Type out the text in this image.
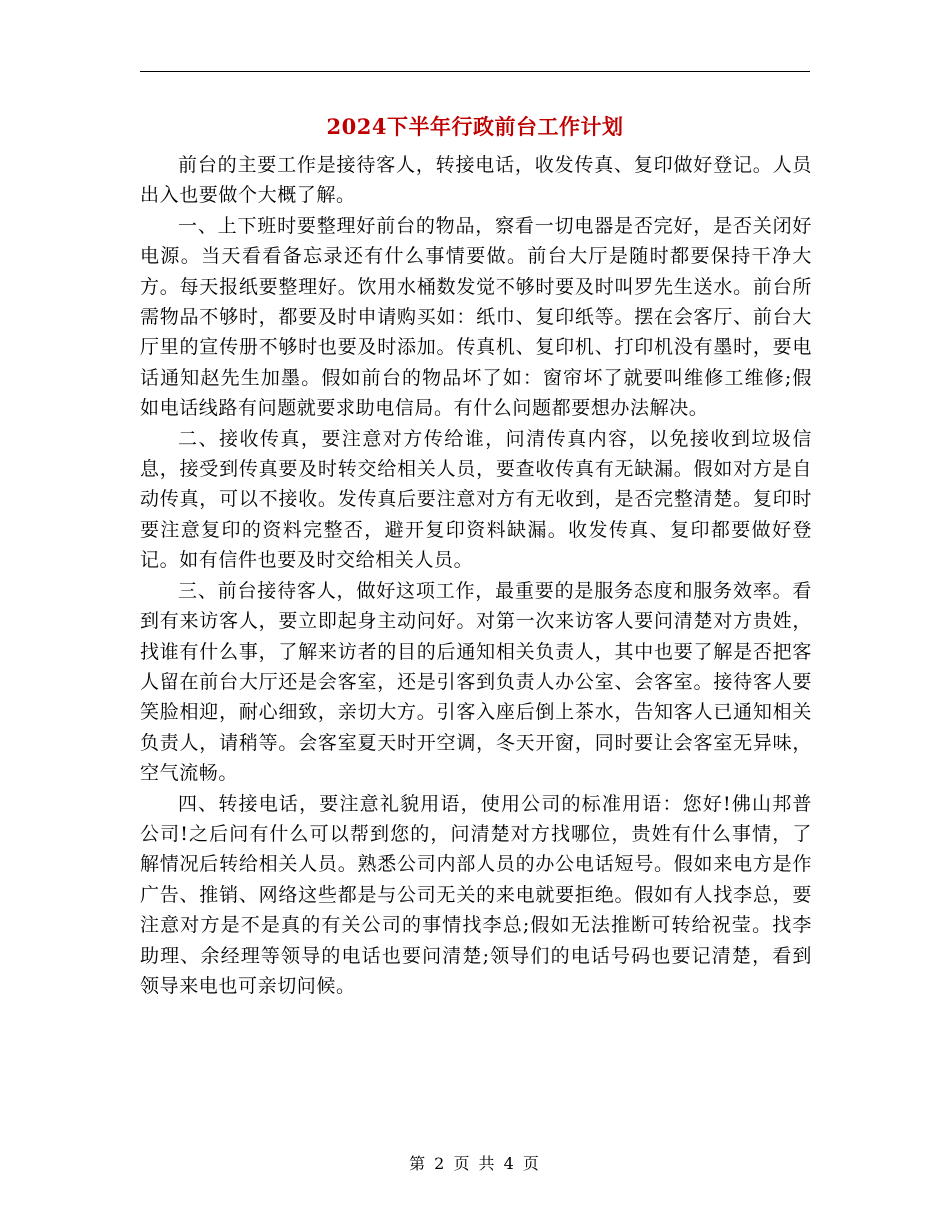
2024下半年行政前台工作计划

前台的主要工作是接待客人，转接电话，收发传真、复印做好登记。人员出入也要做个大概了解。

一、上下班时要整理好前台的物品，察看一切电器是否完好，是否关闭好电源。当天看看备忘录还有什么事情要做。前台大厅是随时都要保持干净大方。每天报纸要整理好。饮用水桶数发觉不够时要及时叫罗先生送水。前台所需物品不够时，都要及时申请购买如：纸巾、复印纸等。摆在会客厅、前台大厅里的宣传册不够时也要及时添加。传真机、复印机、打印机没有墨时，要电话通知赵先生加墨。假如前台的物品坏了如：窗帘坏了就要叫维修工维修;假如电话线路有问题就要求助电信局。有什么问题都要想办法解决。

二、接收传真，要注意对方传给谁，问清传真内容，以免接收到垃圾信息，接受到传真要及时转交给相关人员，要查收传真有无缺漏。假如对方是自动传真，可以不接收。发传真后要注意对方有无收到，是否完整清楚。复印时要注意复印的资料完整否，避开复印资料缺漏。收发传真、复印都要做好登记。如有信件也要及时交给相关人员。

三、前台接待客人，做好这项工作，最重要的是服务态度和服务效率。看到有来访客人，要立即起身主动问好。对第一次来访客人要问清楚对方贵姓，找谁有什么事，了解来访者的目的后通知相关负责人，其中也要了解是否把客人留在前台大厅还是会客室，还是引客到负责人办公室、会客室。接待客人要笑脸相迎，耐心细致，亲切大方。引客入座后倒上茶水，告知客人已通知相关负责人，请稍等。会客室夏天时开空调，冬天开窗，同时要让会客室无异味，空气流畅。

四、转接电话，要注意礼貌用语，使用公司的标准用语：您好!佛山邦普公司!之后问有什么可以帮到您的，问清楚对方找哪位，贵姓有什么事情，了解情况后转给相关人员。熟悉公司内部人员的办公电话短号。假如来电方是作广告、推销、网络这些都是与公司无关的来电就要拒绝。假如有人找李总，要注意对方是不是真的有关公司的事情找李总;假如无法推断可转给祝莹。找李助理、余经理等领导的电话也要问清楚;领导们的电话号码也要记清楚，看到领导来电也可亲切问候。

第 2 页 共 4 页
